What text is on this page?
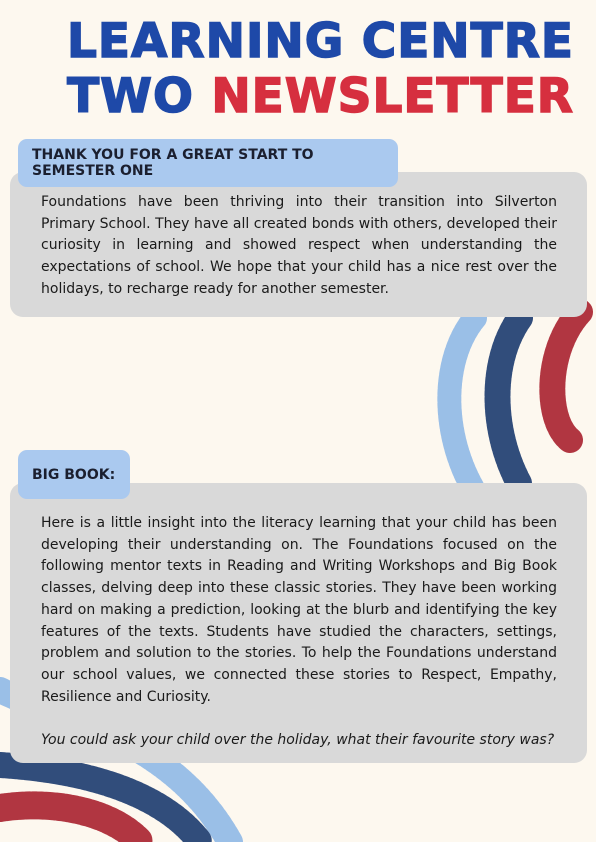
LEARNING CENTRE
TWO NEWSLETTER
THANK YOU FOR A GREAT START TO SEMESTER ONE

Foundations have been thriving into their transition into Silverton Primary School. They have all created bonds with others, developed their curiosity in learning and showed respect when understanding the expectations of school. We hope that your child has a nice rest over the holidays, to recharge ready for another semester.

BIG BOOK:

Here is a little insight into the literacy learning that your child has been developing their understanding on. The Foundations focused on the following mentor texts in Reading and Writing Workshops and Big Book classes, delving deep into these classic stories. They have been working hard on making a prediction, looking at the blurb and identifying the key features of the texts. Students have studied the characters, settings, problem and solution to the stories. To help the Foundations understand our school values, we connected these stories to Respect, Empathy, Resilience and Curiosity.

You could ask your child over the holiday, what their favourite story was?
